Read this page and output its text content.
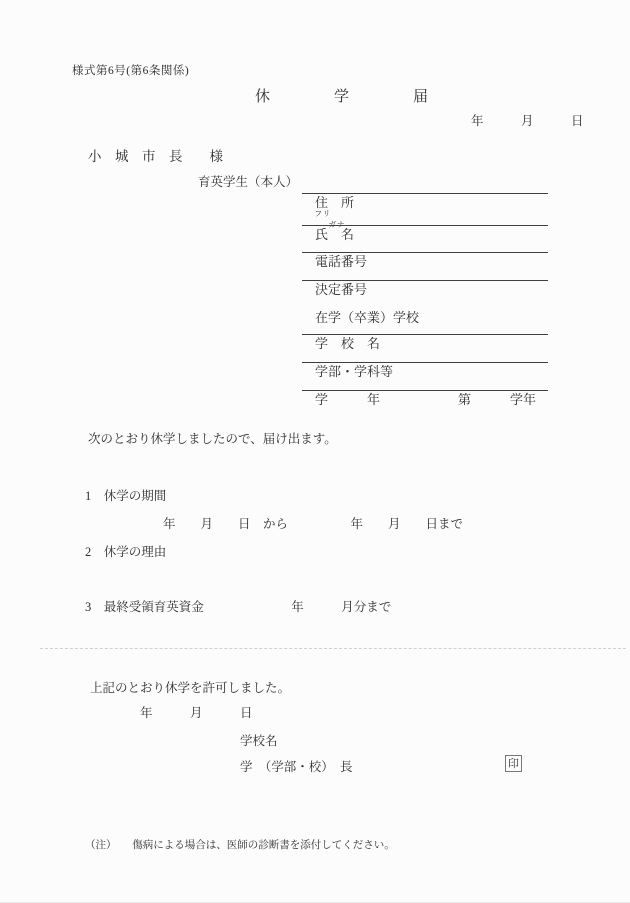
様式第6号(第6条関係)
休学届
年　　　月　　　日
小　城　市　長　　様
育英学生（本人）

住　所

フリ
ガナ

氏　名

電話番号

決定番号

在学（卒業）学校

学　校　名

学部・学科等

学　　　年　　　　　　第　　　学年

次のとおり休学しましたので、届け出ます。
1　休学の期間
年　　月　　日　から　　　　　年　　月　　日まで
2　休学の理由
3　最終受領育英資金　　　　　　　年　　　月分まで
上記のとおり休学を許可しました。
年　　　月　　　日
学校名
学　（学部・校）　長	印
（注）　　傷病による場合は、医師の診断書を添付してください。
